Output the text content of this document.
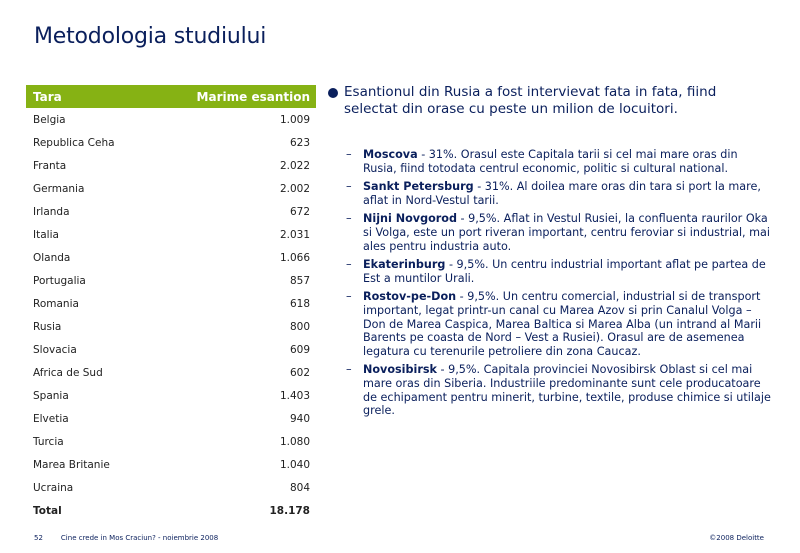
Metodologia studiului
Tara	Marime esantion
Belgia	1.009
Republica Ceha	623
Franta	2.022
Germania	2.002
Irlanda	672
Italia	2.031
Olanda	1.066
Portugalia	857
Romania	618
Rusia	800
Slovacia	609
Africa de Sud	602
Spania	1.403
Elvetia	940
Turcia	1.080
Marea Britanie	1.040
Ucraina	804
Total	18.178
Esantionul din Rusia a fost intervievat fata in fata, fiind selectat din orase cu peste un milion de locuitori.
–	Moscova - 31%. Orasul este Capitala tarii si cel mai mare oras din Rusia, fiind totodata centrul economic, politic si cultural national.
–	Sankt Petersburg - 31%. Al doilea mare oras din tara si port la mare, aflat in Nord-Vestul tarii.
–	Nijni Novgorod - 9,5%. Aflat in Vestul Rusiei, la confluenta raurilor Oka si Volga, este un port riveran important, centru feroviar si industrial, mai ales pentru industria auto.
–	Ekaterinburg - 9,5%. Un centru industrial important aflat pe partea de Est a muntilor Urali.
–	Rostov-pe-Don - 9,5%. Un centru comercial, industrial si de transport important, legat printr-un canal cu Marea Azov si prin Canalul Volga – Don de Marea Caspica, Marea Baltica si Marea Alba (un intrand al Marii Barents pe coasta de Nord – Vest a Rusiei). Orasul are de asemenea legatura cu terenurile petroliere din zona Caucaz.
–	Novosibirsk - 9,5%. Capitala provinciei Novosibirsk Oblast si cel mai mare oras din Siberia. Industriile predominante sunt cele producatoare de echipament pentru minerit, turbine, textile, produse chimice si utilaje grele.
52	Cine crede in Mos Craciun? - noiembrie 2008	©2008 Deloitte
